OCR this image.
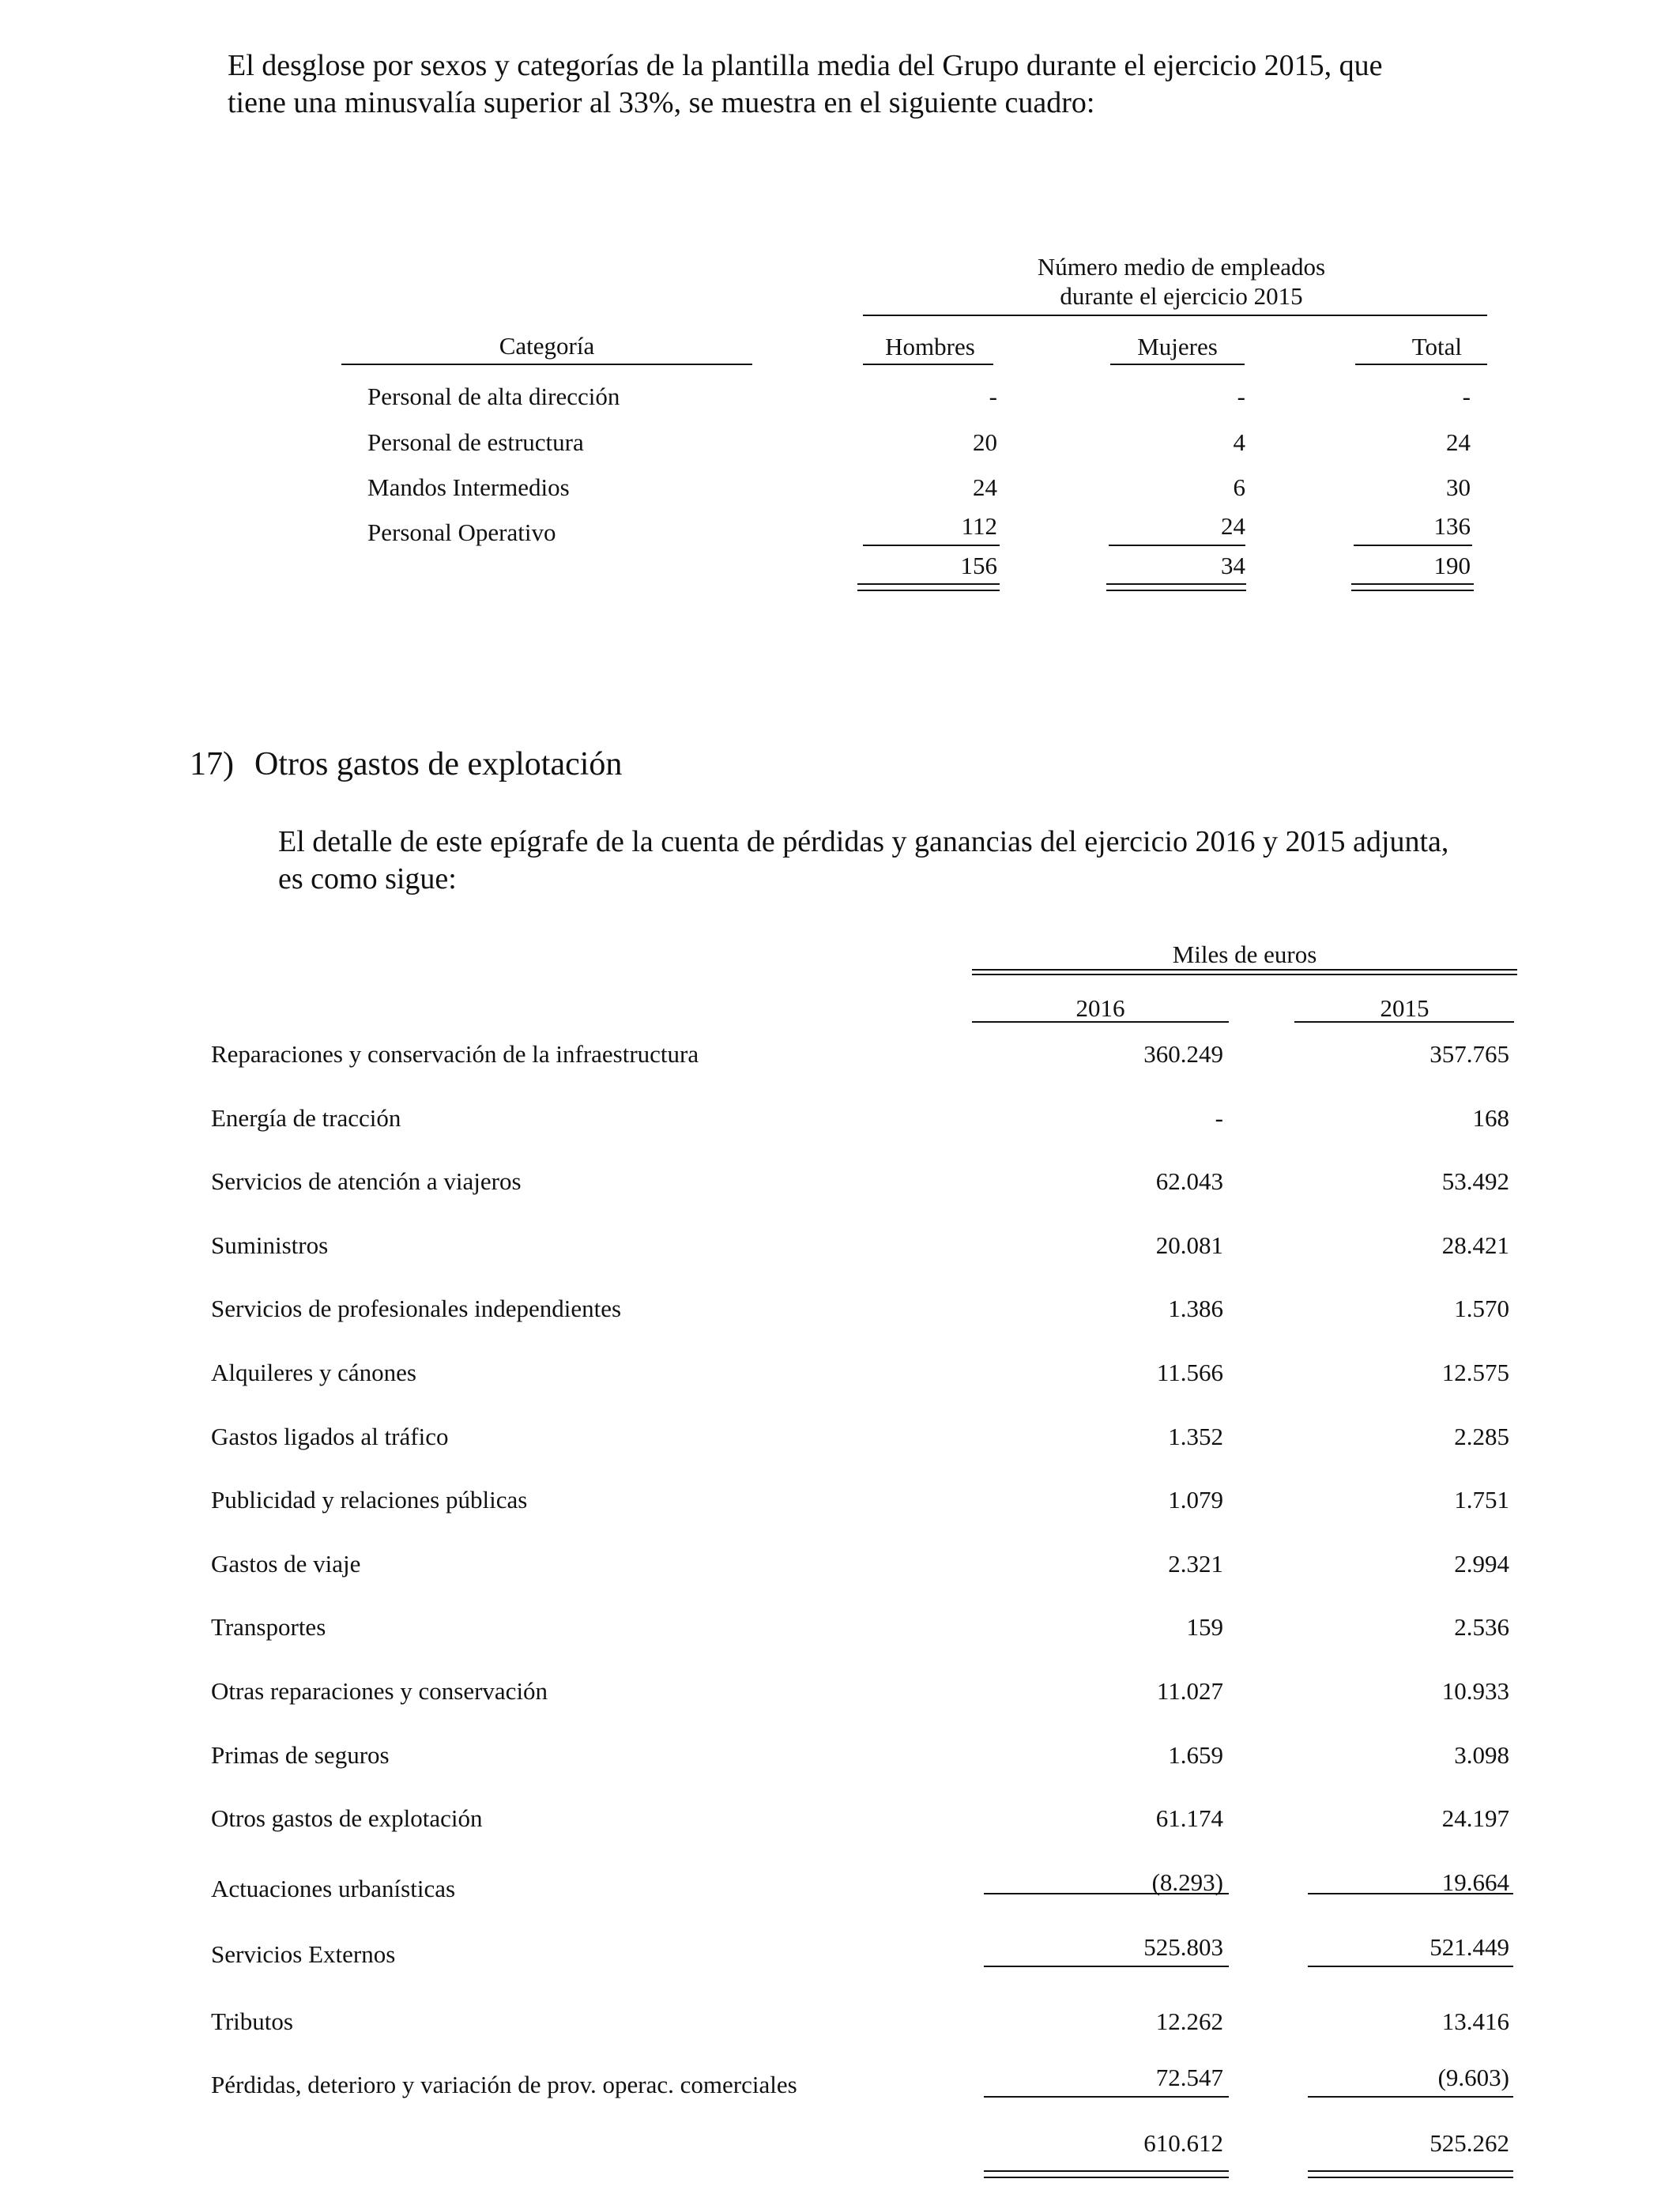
El desglose por sexos y categorías de la plantilla media del Grupo durante el ejercicio 2015, que
tiene una minusvalía superior al 33%, se muestra en el siguiente cuadro:
Número medio de empleados
durante el ejercicio 2015
Categoría	Hombres	Mujeres	Total
Personal de alta dirección	-	-	-
Personal de estructura	20	4	24
Mandos Intermedios	24	6	30
Personal Operativo	112	24	136
156	34	190
17) Otros gastos de explotación
El detalle de este epígrafe de la cuenta de pérdidas y ganancias del ejercicio 2016 y 2015 adjunta,
es como sigue:
Miles de euros
2016	2015
Reparaciones y conservación de la infraestructura	360.249	357.765
Energía de tracción	-	168
Servicios de atención a viajeros	62.043	53.492
Suministros	20.081	28.421
Servicios de profesionales independientes	1.386	1.570
Alquileres y cánones	11.566	12.575
Gastos ligados al tráfico	1.352	2.285
Publicidad y relaciones públicas	1.079	1.751
Gastos de viaje	2.321	2.994
Transportes	159	2.536
Otras reparaciones y conservación	11.027	10.933
Primas de seguros	1.659	3.098
Otros gastos de explotación	61.174	24.197
Actuaciones urbanísticas	(8.293)	19.664
Servicios Externos	525.803	521.449
Tributos	12.262	13.416
Pérdidas, deterioro y variación de prov. operac. comerciales	72.547	(9.603)
610.612	525.262
